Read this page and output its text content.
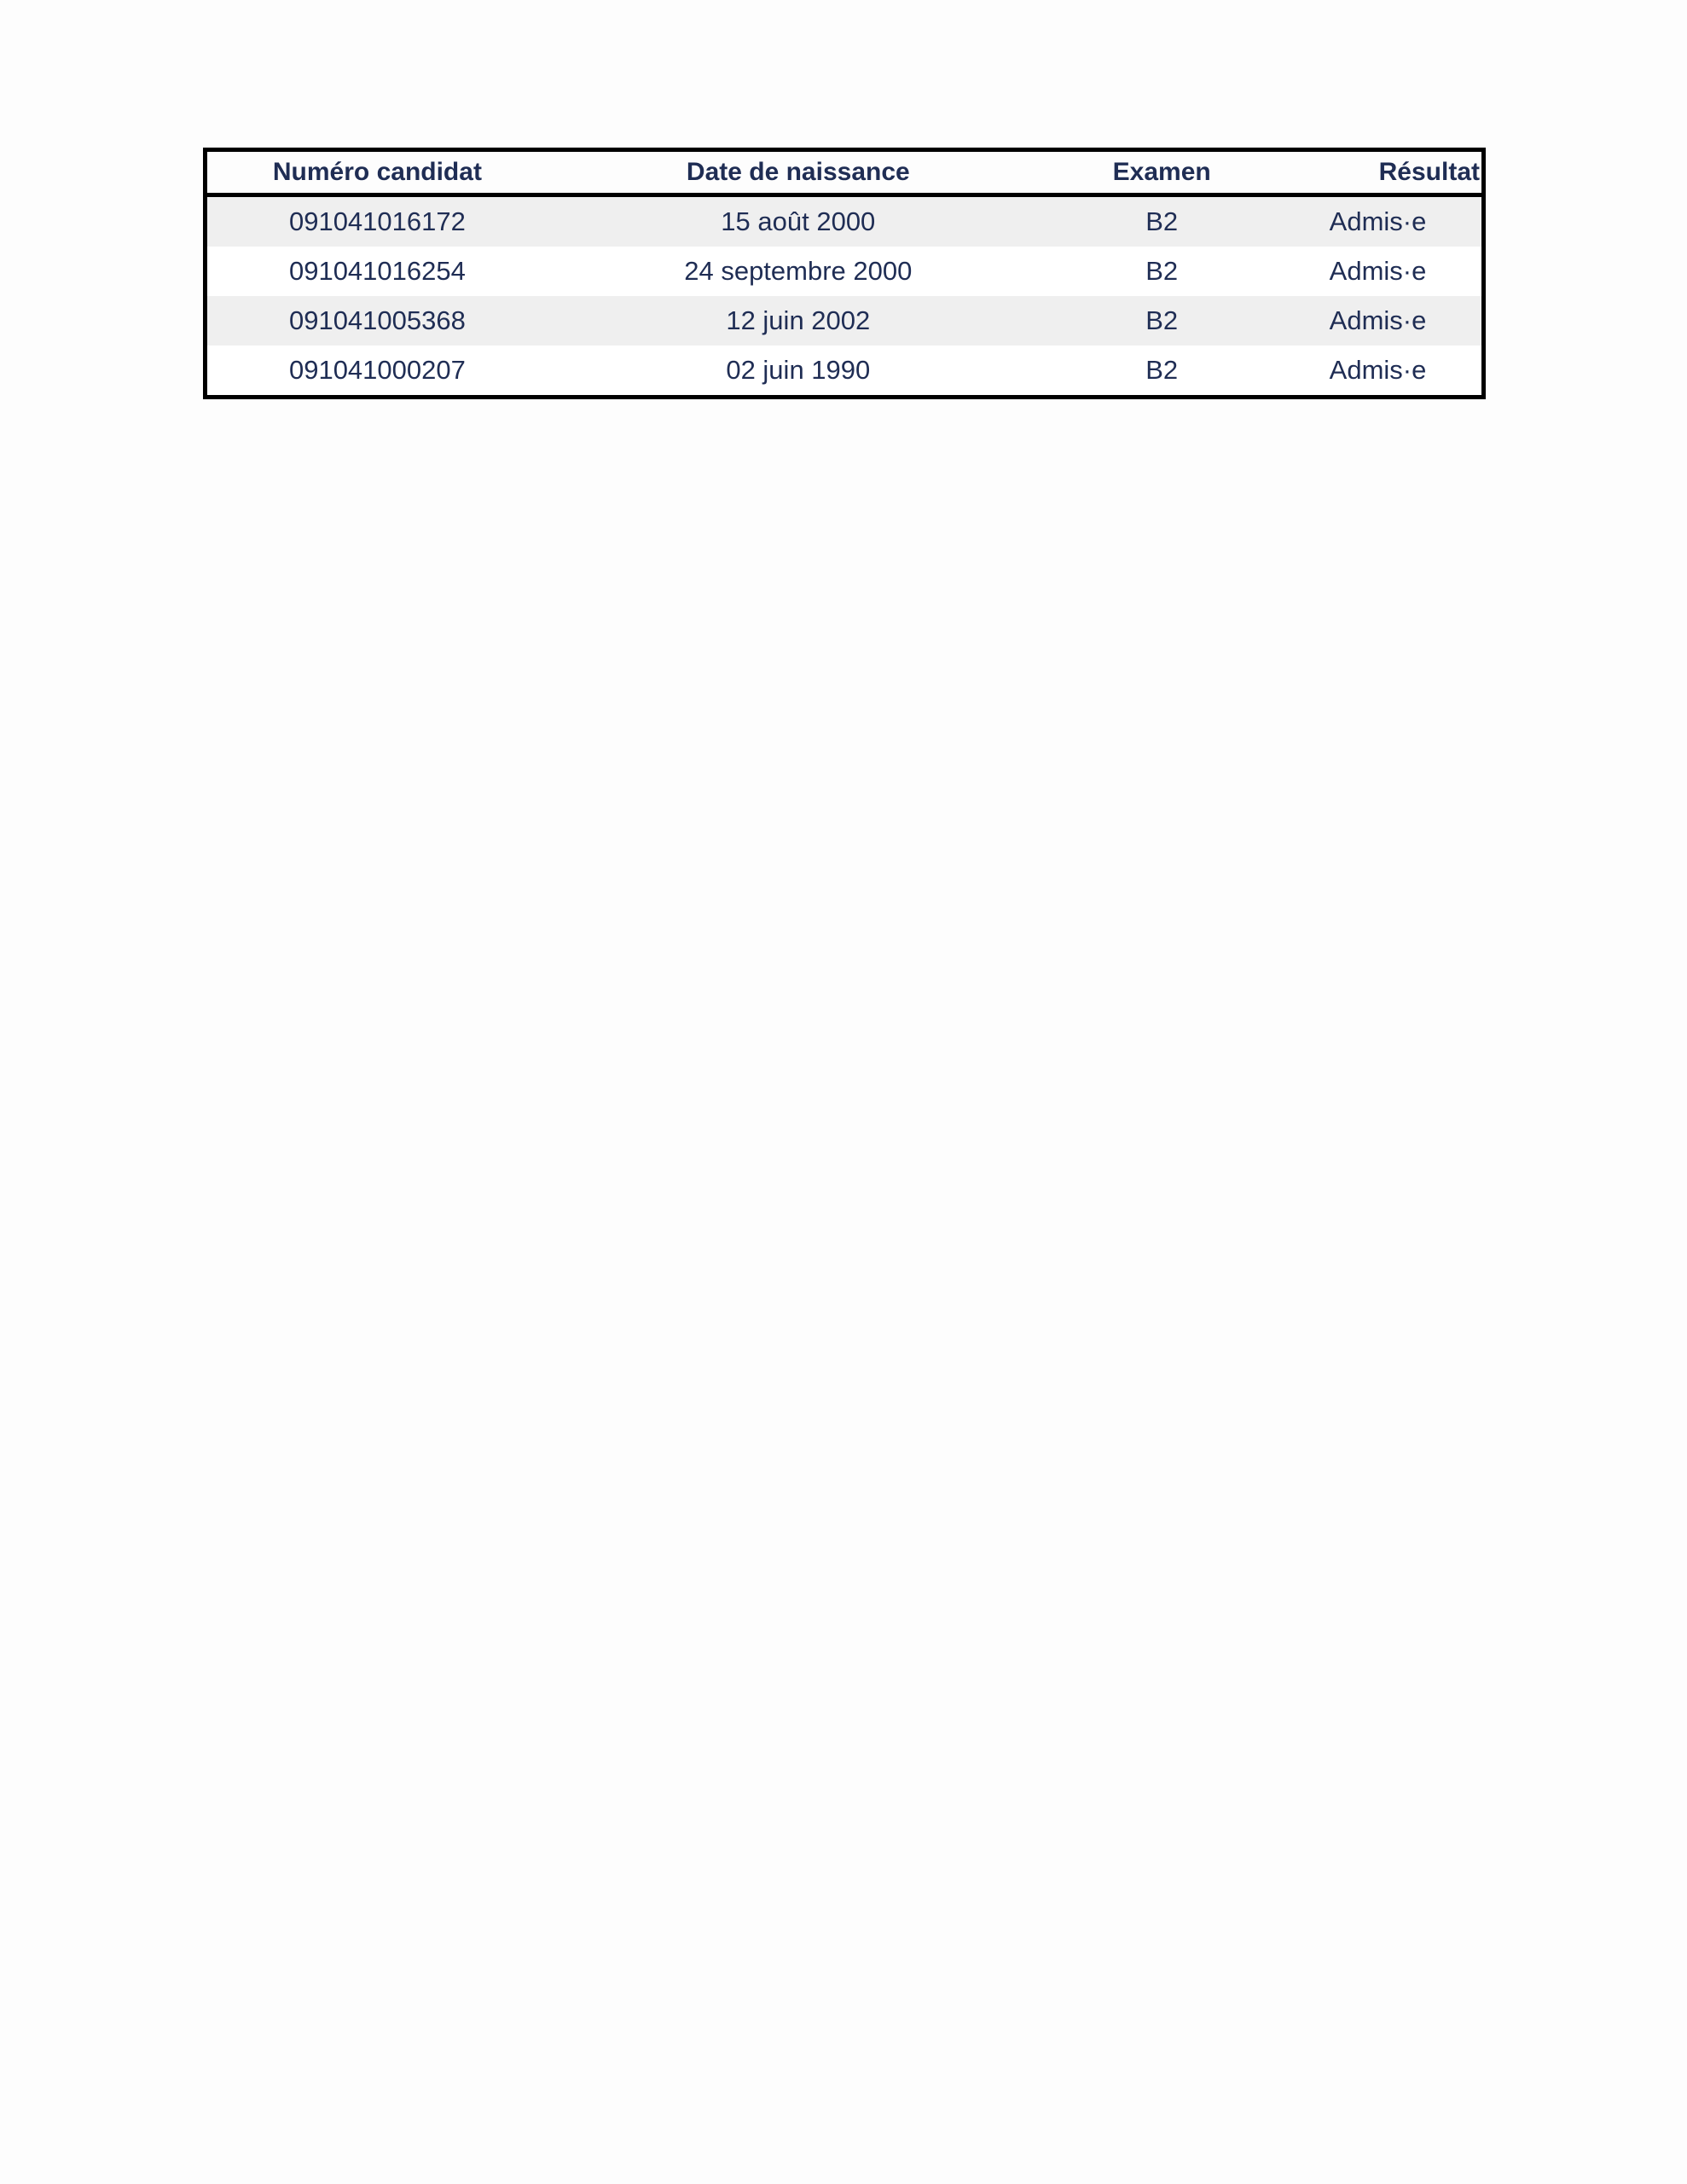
Numéro candidat	Date de naissance	Examen	Résultat
091041016172	15 août 2000	B2	Admis·e
091041016254	24 septembre 2000	B2	Admis·e
091041005368	12 juin 2002	B2	Admis·e
091041000207	02 juin 1990	B2	Admis·e
